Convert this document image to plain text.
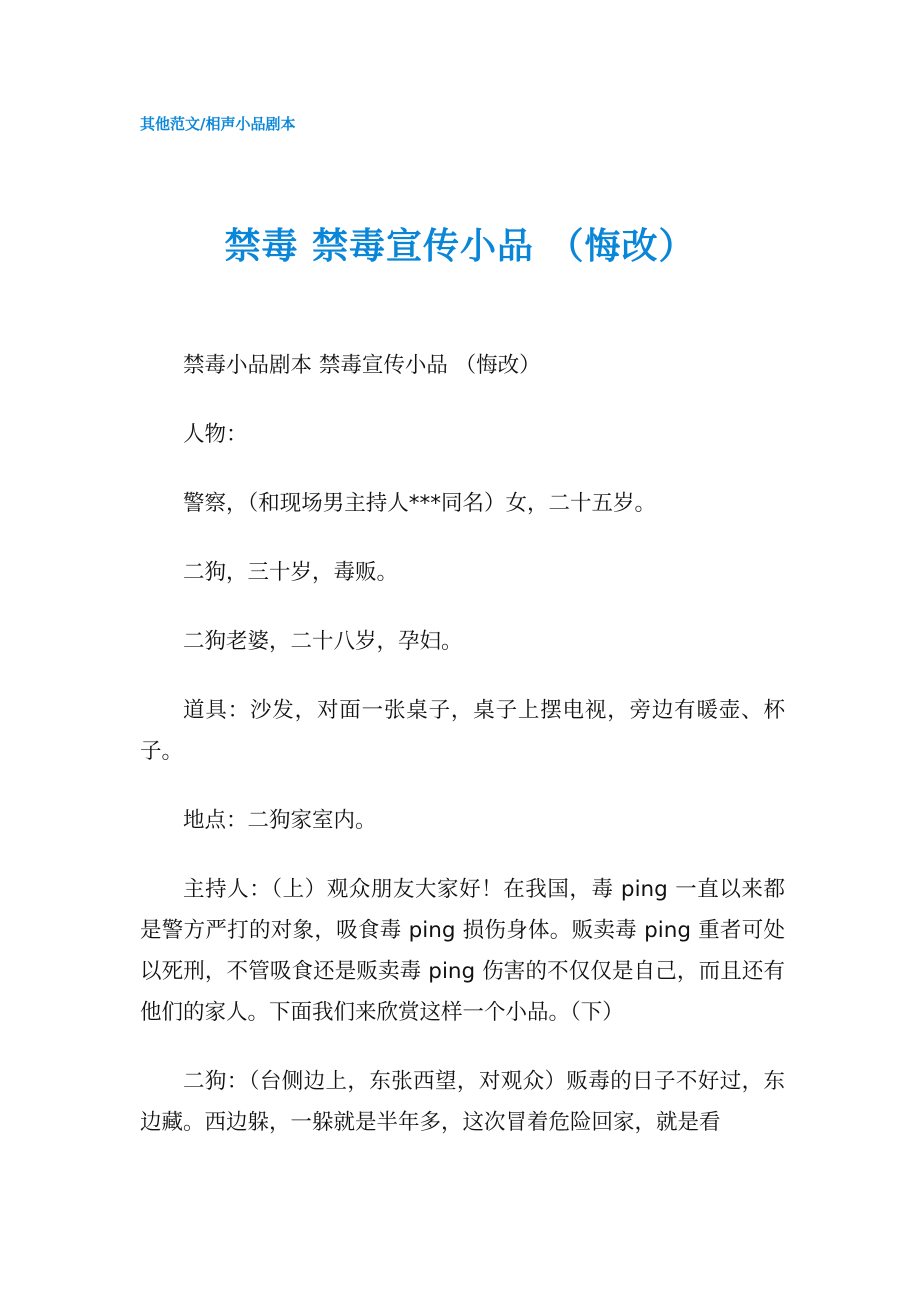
其他范文/相声小品剧本
禁毒 禁毒宣传小品 （悔改）

禁毒小品剧本 禁毒宣传小品 （悔改）

人物：

警察，（和现场男主持人***同名）女，二十五岁。

二狗，三十岁，毒贩。

二狗老婆，二十八岁，孕妇。

道具：沙发，对面一张桌子，桌子上摆电视，旁边有暖壶、杯子。

地点：二狗家室内。

主持人：（上）观众朋友大家好！在我国，毒 ping 一直以来都是警方严打的对象，吸食毒 ping 损伤身体。贩卖毒 ping 重者可处以死刑，不管吸食还是贩卖毒 ping 伤害的不仅仅是自己，而且还有他们的家人。下面我们来欣赏这样一个小品。（下）

二狗：（台侧边上，东张西望，对观众）贩毒的日子不好过，东边藏。西边躲，一躲就是半年多，这次冒着危险回家，就是看
